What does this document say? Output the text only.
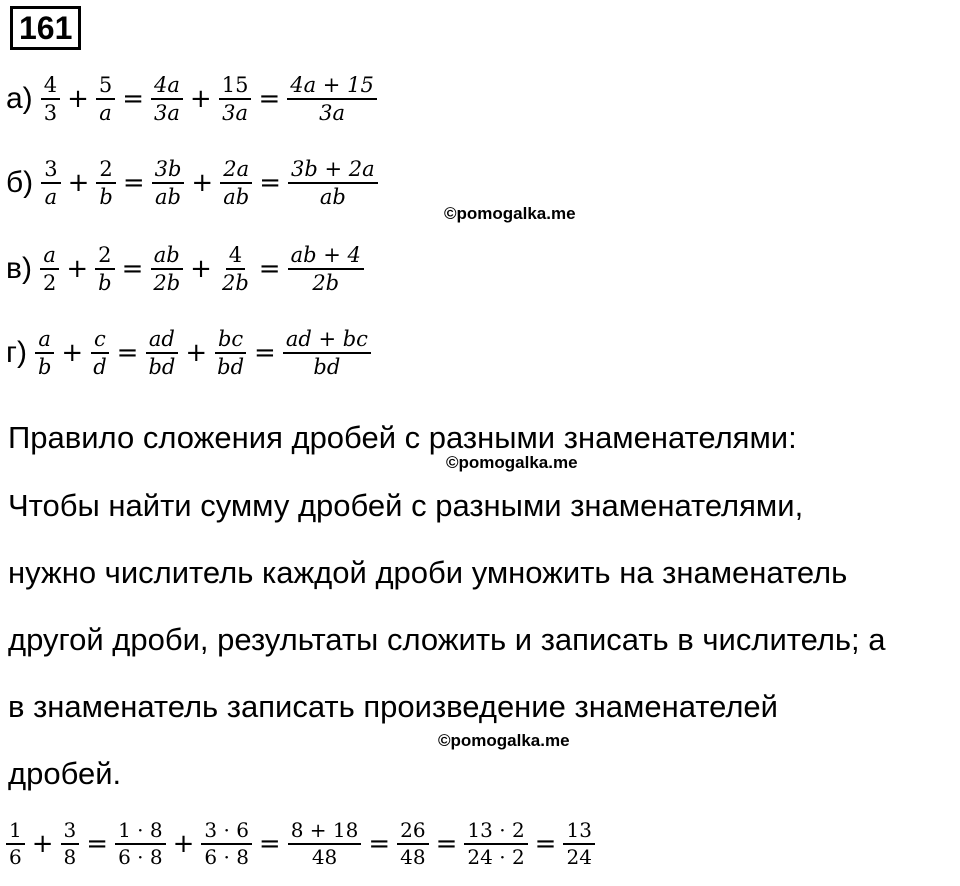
161
$а) \frac{4}{3} + \frac{5}{a} = \frac{4a}{3a} + \frac{15}{3a} = \frac{4a + 15}{3a}$
$б) \frac{3}{a} + \frac{2}{b} = \frac{3b}{ab} + \frac{2a}{ab} = \frac{3b + 2a}{ab}$
$в) \frac{a}{2} + \frac{2}{b} = \frac{ab}{2b} + \frac{4}{2b} = \frac{ab + 4}{2b}$
$г) \frac{a}{b} + \frac{c}{d} = \frac{ad}{bd} + \frac{bc}{bd} = \frac{ad + bc}{bd}$
©pomogalka.me
Правило сложения дробей с разными знаменателями:
©pomogalka.me
Чтобы найти сумму дробей с разными знаменателями,
нужно числитель каждой дроби умножить на знаменатель
другой дроби, результаты сложить и записать в числитель; а
в знаменатель записать произведение знаменателей
©pomogalka.me
дробей.
$\frac{1}{6} + \frac{3}{8} = \frac{1 \cdot 8}{6 \cdot 8} + \frac{3 \cdot 6}{6 \cdot 8} = \frac{8 + 18}{48} = \frac{26}{48} = \frac{13 \cdot 2}{24 \cdot 2} = \frac{13}{24}$
